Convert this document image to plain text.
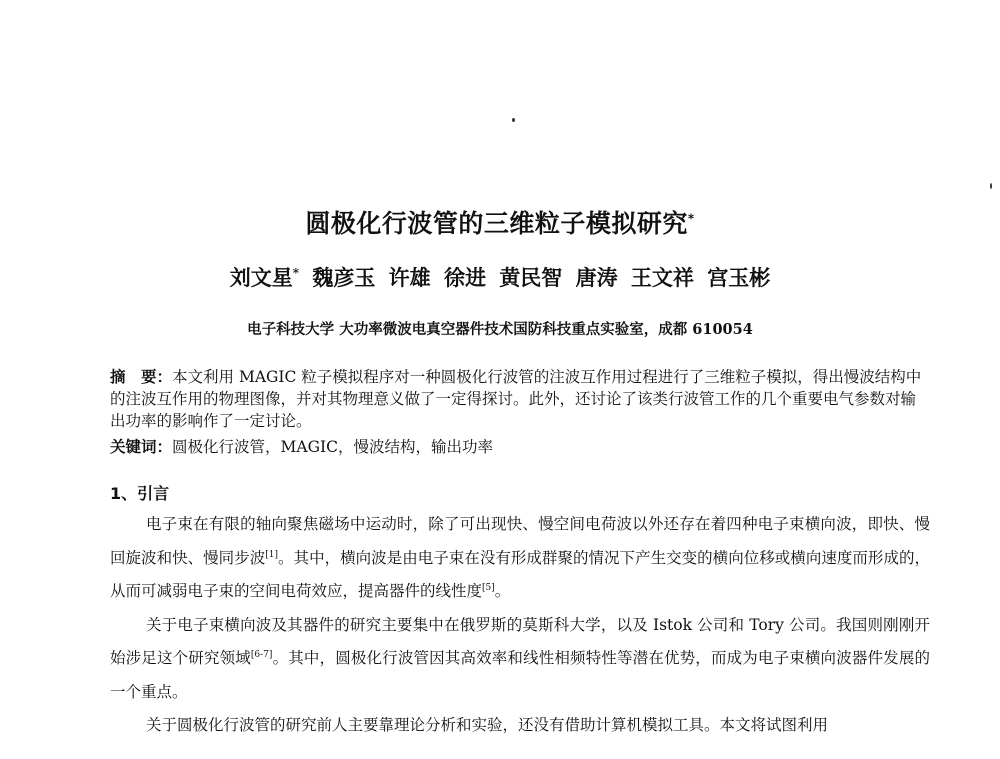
圆极化行波管的三维粒子模拟研究*
刘文星* 魏彦玉 许雄 徐进 黄民智 唐涛 王文祥 宫玉彬
电子科技大学 大功率微波电真空器件技术国防科技重点实验室，成都 610054
摘　要：本文利用 MAGIC 粒子模拟程序对一种圆极化行波管的注波互作用过程进行了三维粒子模拟，得出慢波结构中的注波互作用的物理图像，并对其物理意义做了一定得探讨。此外，还讨论了该类行波管工作的几个重要电气参数对输出功率的影响作了一定讨论。
关键词：圆极化行波管，MAGIC，慢波结构，输出功率
1、引言

电子束在有限的轴向聚焦磁场中运动时，除了可出现快、慢空间电荷波以外还存在着四种电子束横向波，即快、慢回旋波和快、慢同步波[1]。其中，横向波是由电子束在没有形成群聚的情况下产生交变的横向位移或横向速度而形成的，从而可减弱电子束的空间电荷效应，提高器件的线性度[5]。

关于电子束横向波及其器件的研究主要集中在俄罗斯的莫斯科大学，以及 Istok 公司和 Tory 公司。我国则刚刚开始涉足这个研究领域[6-7]。其中，圆极化行波管因其高效率和线性相频特性等潜在优势，而成为电子束横向波器件发展的一个重点。

关于圆极化行波管的研究前人主要靠理论分析和实验，还没有借助计算机模拟工具。本文将试图利用
